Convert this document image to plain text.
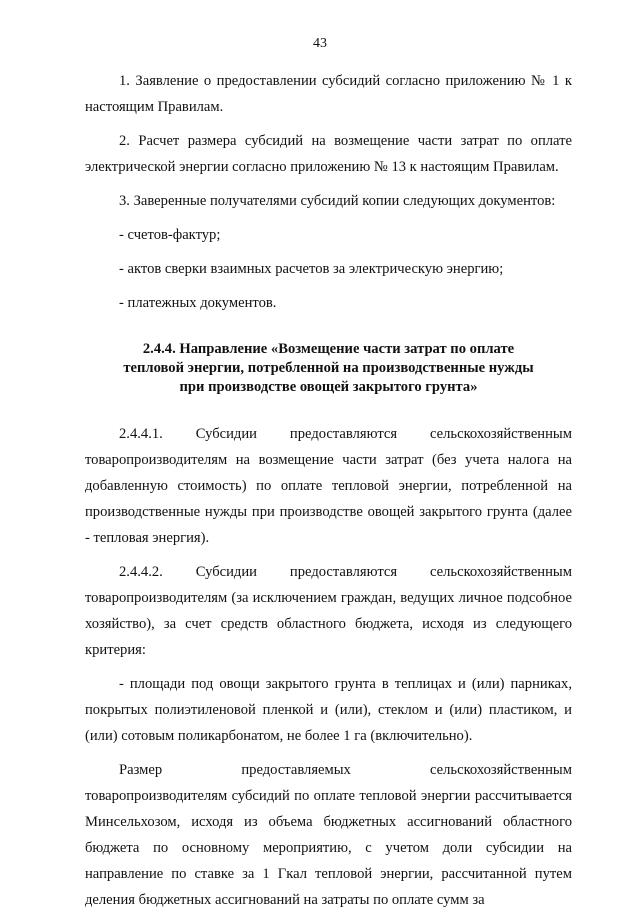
43
1. Заявление о предоставлении субсидий согласно приложению № 1 к настоящим Правилам.
2. Расчет размера субсидий на возмещение части затрат по оплате электрической энергии согласно приложению № 13 к настоящим Правилам.
3. Заверенные получателями субсидий копии следующих документов:
- счетов-фактур;
- актов сверки взаимных расчетов за электрическую энергию;
- платежных документов.
2.4.4. Направление «Возмещение части затрат по оплате тепловой энергии, потребленной на производственные нужды при производстве овощей закрытого грунта»
2.4.4.1. Субсидии предоставляются сельскохозяйственным
товаропроизводителям на возмещение части затрат (без учета налога на добавленную стоимость) по оплате тепловой энергии, потребленной на производственные нужды при производстве овощей закрытого грунта (далее - тепловая энергия).
2.4.4.2. Субсидии предоставляются сельскохозяйственным
товаропроизводителям (за исключением граждан, ведущих личное подсобное хозяйство), за счет средств областного бюджета, исходя из следующего критерия:
- площади под овощи закрытого грунта в теплицах и (или) парниках, покрытых полиэтиленовой пленкой и (или), стеклом и (или) пластиком, и (или) сотовым поликарбонатом, не более 1 га (включительно).
Размер	предоставляемых	сельскохозяйственным
товаропроизводителям субсидий по оплате тепловой энергии рассчитывается Минсельхозом, исходя из объема бюджетных ассигнований областного бюджета по основному мероприятию, с учетом доли субсидии на направление по ставке за 1 Гкал тепловой энергии, рассчитанной путем деления бюджетных ассигнований на затраты по оплате сумм за
